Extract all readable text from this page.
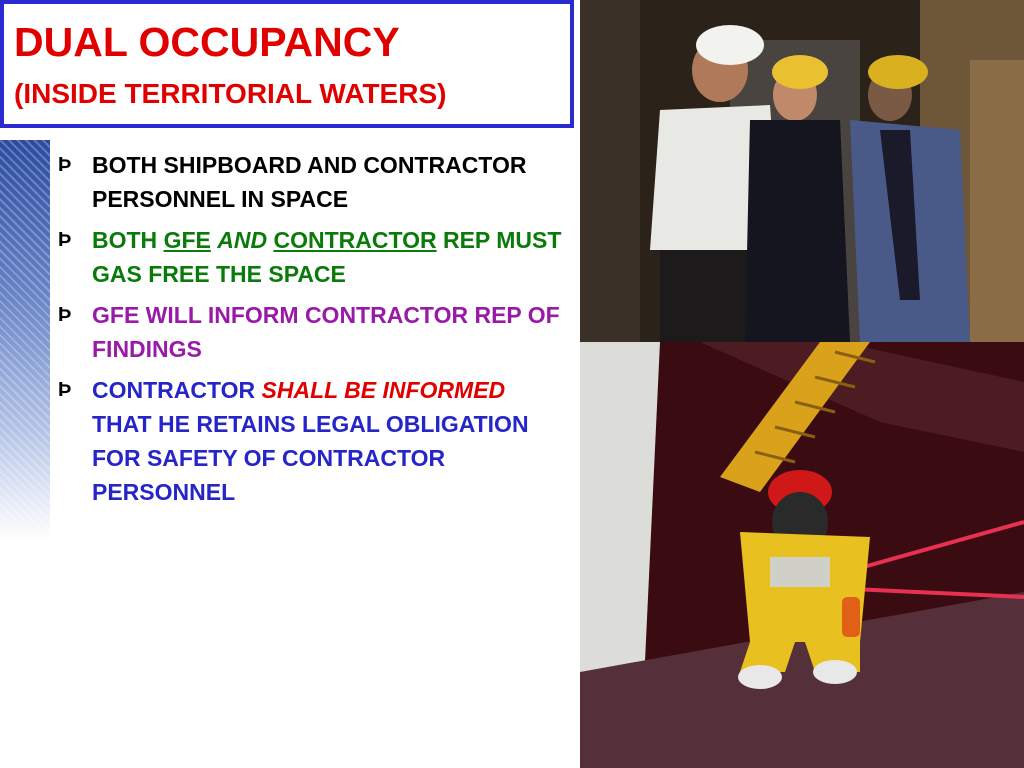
DUAL OCCUPANCY
(INSIDE TERRITORIAL WATERS)
Þ BOTH SHIPBOARD AND CONTRACTOR PERSONNEL IN SPACE
Þ BOTH GFE AND CONTRACTOR REP MUST GAS FREE THE SPACE
Þ GFE WILL INFORM CONTRACTOR REP OF FINDINGS
Þ CONTRACTOR SHALL BE INFORMED THAT HE RETAINS LEGAL OBLIGATION FOR SAFETY OF CONTRACTOR PERSONNEL
